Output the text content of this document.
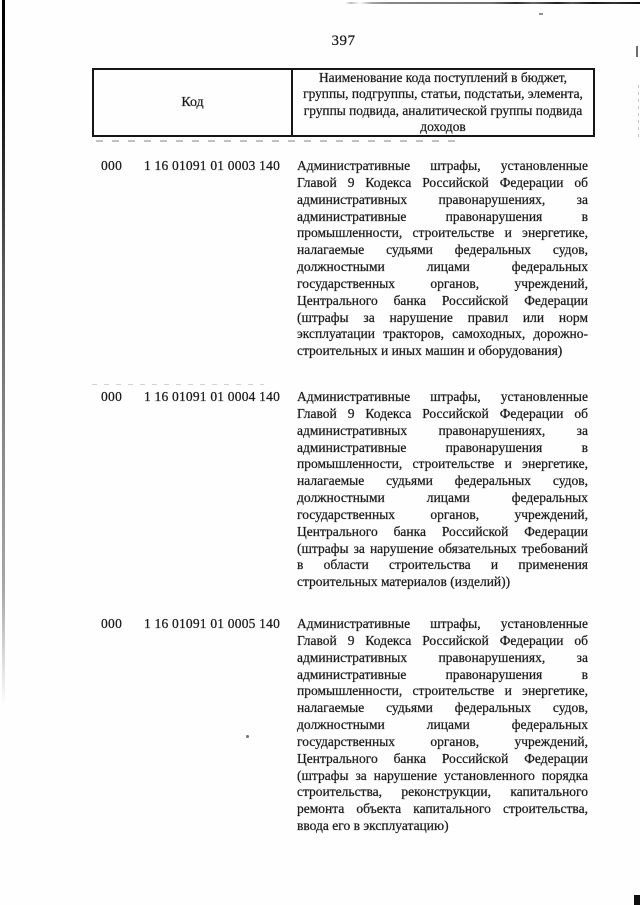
397
Код
Наименование кода поступлений в бюджет, группы, подгруппы, статьи, подстатьи, элемента, группы подвида, аналитической группы подвида доходов
000 1 16 01091 01 0003 140 Административные штрафы, установленные Главой 9 Кодекса Российской Федерации об административных правонарушениях, за административные правонарушения в промышленности, строительстве и энергетике, налагаемые судьями федеральных судов, должностными лицами федеральных государственных органов, учреждений, Центрального банка Российской Федерации (штрафы за нарушение правил или норм эксплуатации тракторов, самоходных, дорожно-строительных и иных машин и оборудования)
000 1 16 01091 01 0004 140 Административные штрафы, установленные Главой 9 Кодекса Российской Федерации об административных правонарушениях, за административные правонарушения в промышленности, строительстве и энергетике, налагаемые судьями федеральных судов, должностными лицами федеральных государственных органов, учреждений, Центрального банка Российской Федерации (штрафы за нарушение обязательных требований в области строительства и применения строительных материалов (изделий))
000 1 16 01091 01 0005 140 Административные штрафы, установленные Главой 9 Кодекса Российской Федерации об административных правонарушениях, за административные правонарушения в промышленности, строительстве и энергетике, налагаемые судьями федеральных судов, должностными лицами федеральных государственных органов, учреждений, Центрального банка Российской Федерации (штрафы за нарушение установленного порядка строительства, реконструкции, капитального ремонта объекта капитального строительства, ввода его в эксплуатацию)
